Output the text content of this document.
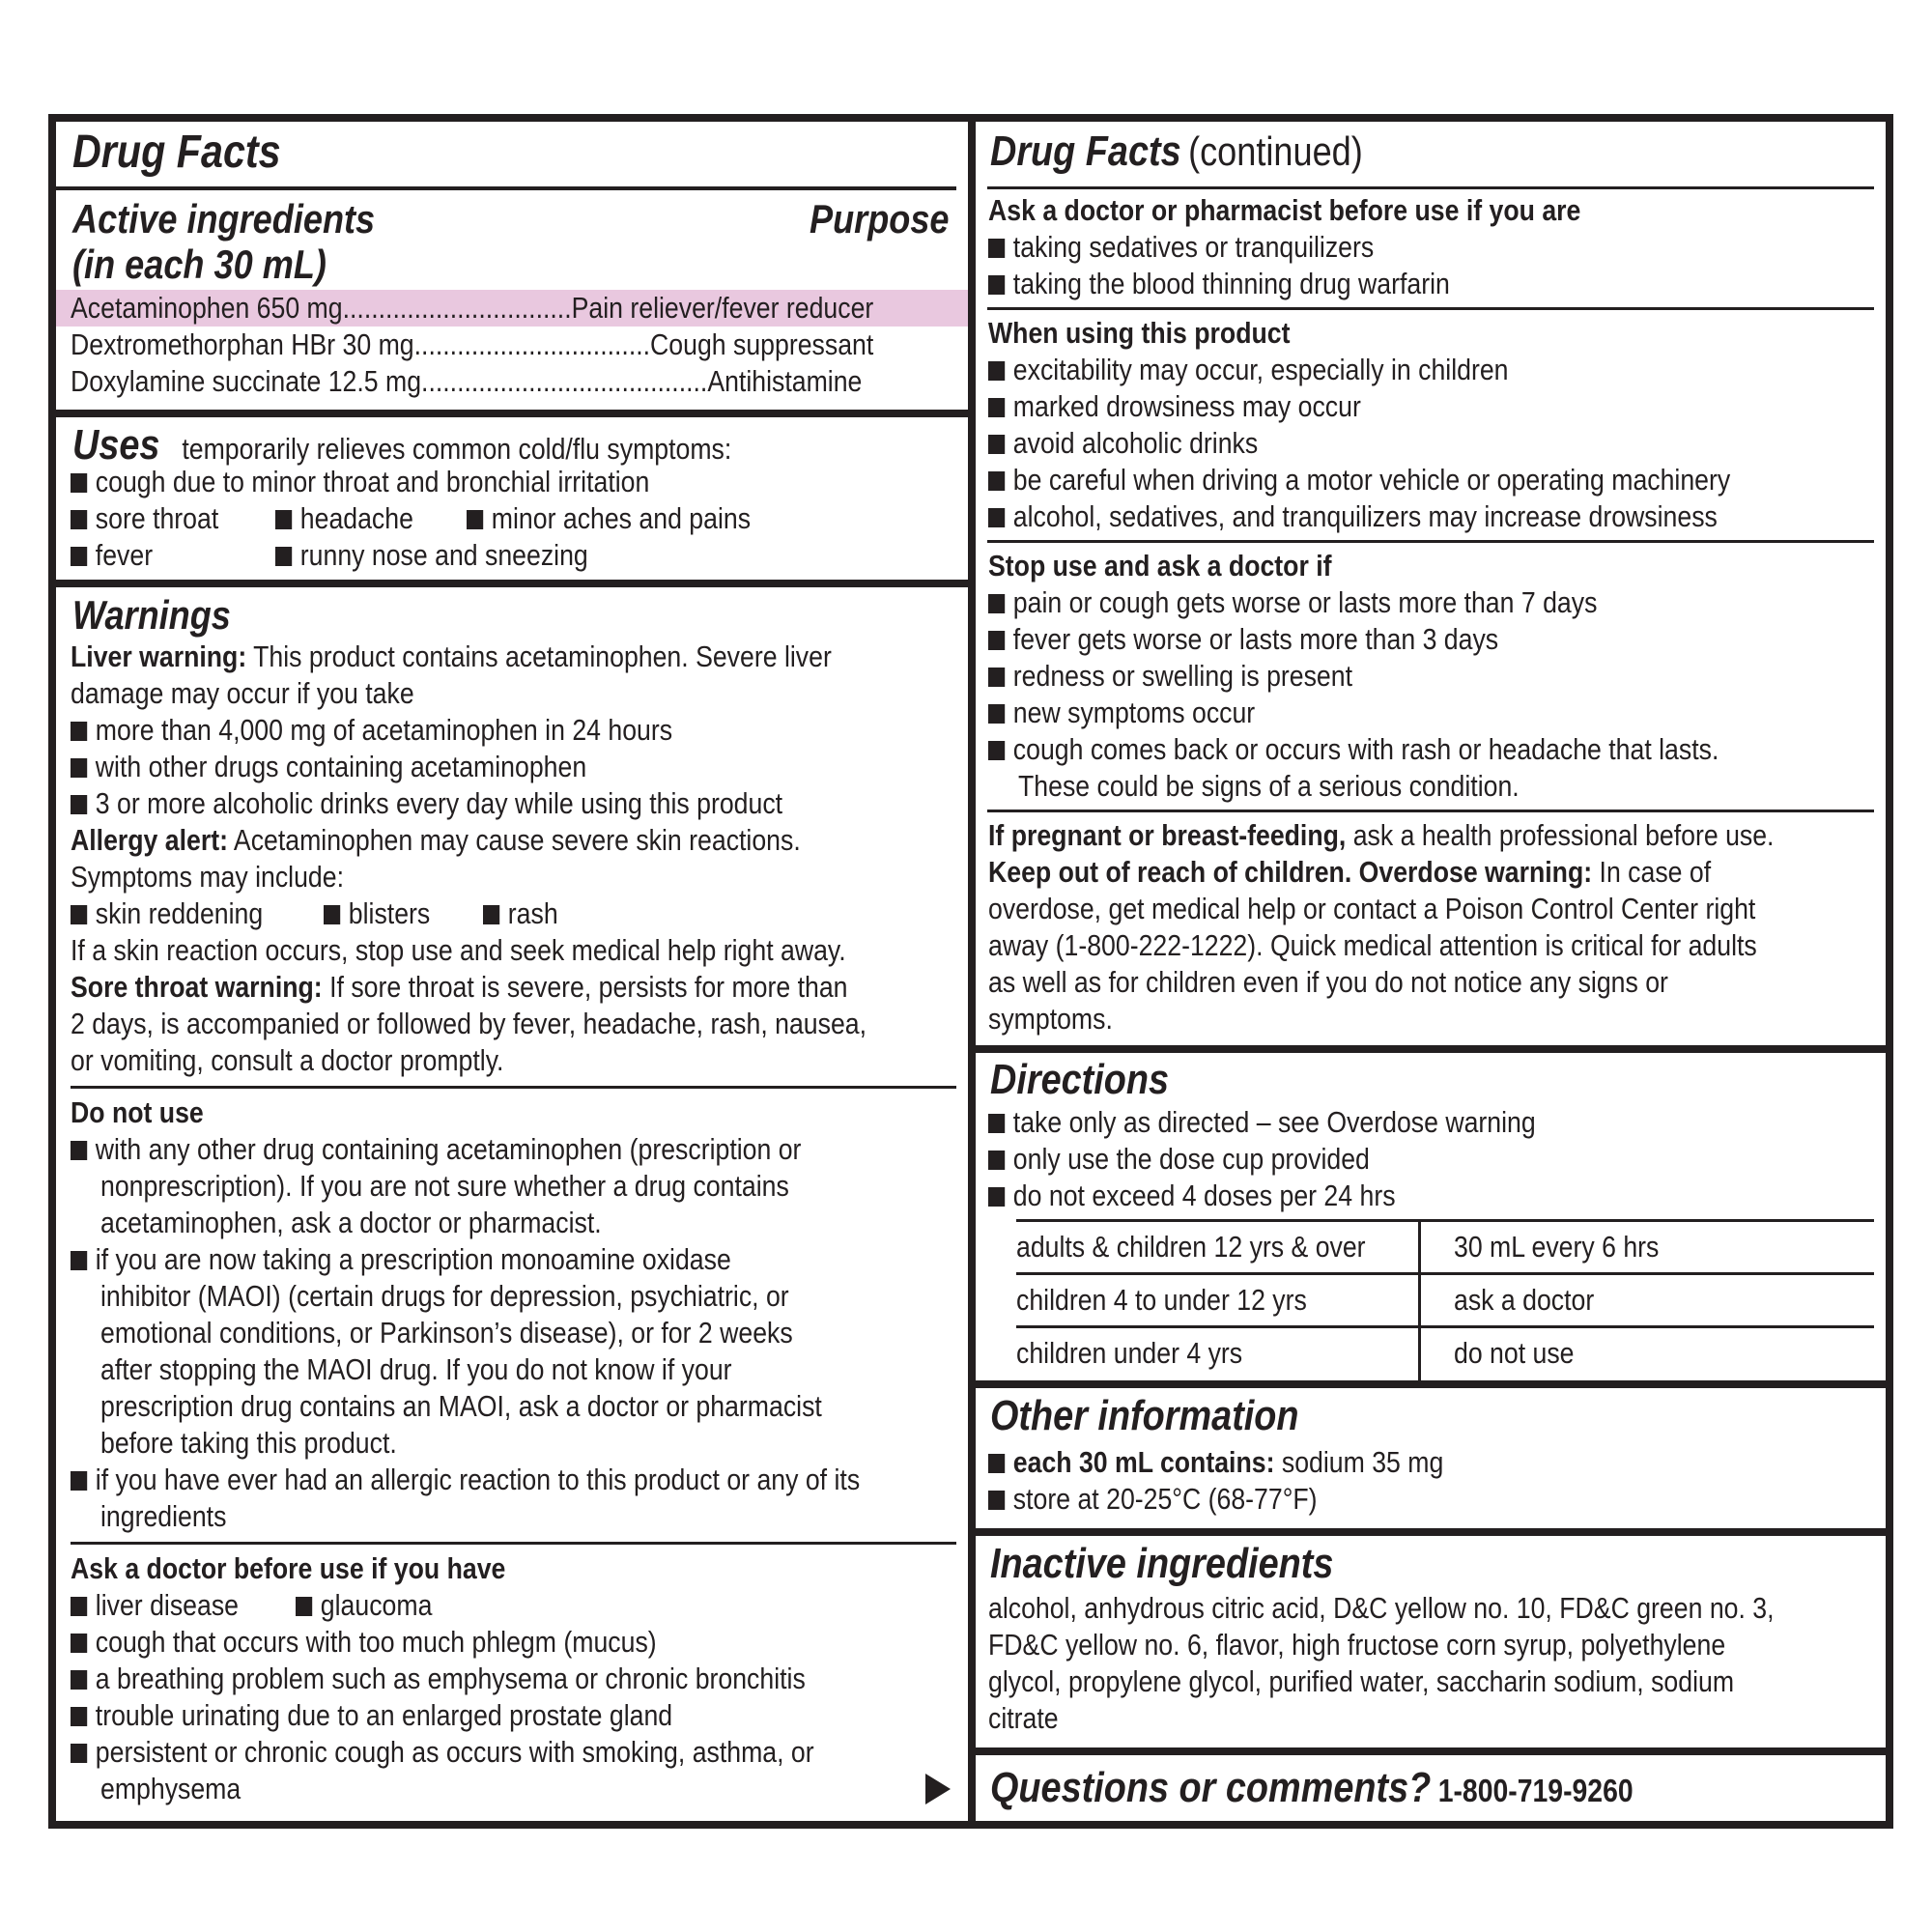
Drug Facts
Active ingredients
(in each 30 mL)
Purpose
Acetaminophen 650 mg................................Pain reliever/fever reducer
Dextromethorphan HBr 30 mg.................................Cough suppressant
Doxylamine succinate 12.5 mg........................................Antihistamine
Uses temporarily relieves common cold/flu symptoms:
cough due to minor throat and bronchial irritation
sore throat	headache	minor aches and pains
fever	runny nose and sneezing
Warnings
Liver warning: This product contains acetaminophen. Severe liver
damage may occur if you take
more than 4,000 mg of acetaminophen in 24 hours
with other drugs containing acetaminophen
3 or more alcoholic drinks every day while using this product
Allergy alert: Acetaminophen may cause severe skin reactions.
Symptoms may include:
skin reddening	blisters	rash
If a skin reaction occurs, stop use and seek medical help right away.
Sore throat warning: If sore throat is severe, persists for more than
2 days, is accompanied or followed by fever, headache, rash, nausea,
or vomiting, consult a doctor promptly.
Do not use
with any other drug containing acetaminophen (prescription or
nonprescription). If you are not sure whether a drug contains
acetaminophen, ask a doctor or pharmacist.
if you are now taking a prescription monoamine oxidase
inhibitor (MAOI) (certain drugs for depression, psychiatric, or
emotional conditions, or Parkinson’s disease), or for 2 weeks
after stopping the MAOI drug. If you do not know if your
prescription drug contains an MAOI, ask a doctor or pharmacist
before taking this product.
if you have ever had an allergic reaction to this product or any of its
ingredients
Ask a doctor before use if you have
liver disease	glaucoma
cough that occurs with too much phlegm (mucus)
a breathing problem such as emphysema or chronic bronchitis
trouble urinating due to an enlarged prostate gland
persistent or chronic cough as occurs with smoking, asthma, or
emphysema
Drug Facts (continued)
Ask a doctor or pharmacist before use if you are
taking sedatives or tranquilizers
taking the blood thinning drug warfarin
When using this product
excitability may occur, especially in children
marked drowsiness may occur
avoid alcoholic drinks
be careful when driving a motor vehicle or operating machinery
alcohol, sedatives, and tranquilizers may increase drowsiness
Stop use and ask a doctor if
pain or cough gets worse or lasts more than 7 days
fever gets worse or lasts more than 3 days
redness or swelling is present
new symptoms occur
cough comes back or occurs with rash or headache that lasts.
These could be signs of a serious condition.
If pregnant or breast-feeding, ask a health professional before use.
Keep out of reach of children. Overdose warning: In case of
overdose, get medical help or contact a Poison Control Center right
away (1-800-222-1222). Quick medical attention is critical for adults
as well as for children even if you do not notice any signs or
symptoms.
Directions
take only as directed – see Overdose warning
only use the dose cup provided
do not exceed 4 doses per 24 hrs
adults & children 12 yrs & over	30 mL every 6 hrs
children 4 to under 12 yrs	ask a doctor
children under 4 yrs	do not use
Other information
each 30 mL contains: sodium 35 mg
store at 20-25°C (68-77°F)
Inactive ingredients
alcohol, anhydrous citric acid, D&C yellow no. 10, FD&C green no. 3,
FD&C yellow no. 6, flavor, high fructose corn syrup, polyethylene
glycol, propylene glycol, purified water, saccharin sodium, sodium
citrate
Questions or comments? 1-800-719-9260
